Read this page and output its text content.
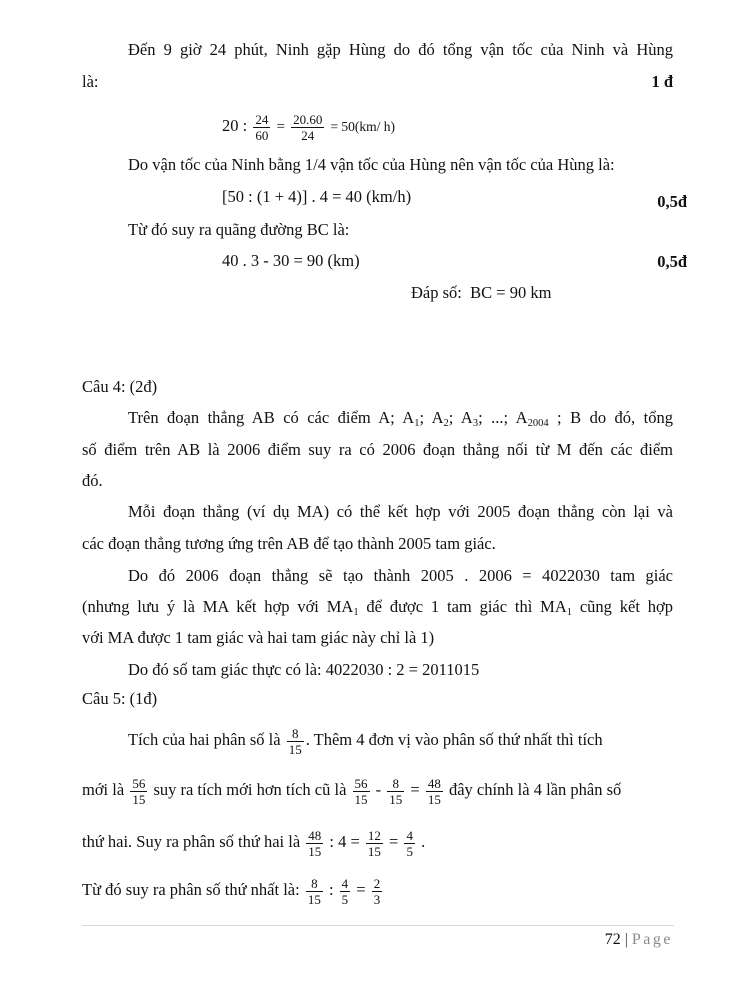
Đến 9 giờ 24 phút, Ninh gặp Hùng do đó tổng vận tốc của Ninh và Hùng
là:	1 đ
20 : $\frac{24}{60} = \frac{20.60}{24} = 50(km/$ h)
Do vận tốc của Ninh bằng 1/4 vận tốc của Hùng nên vận tốc của Hùng là:
[50 : (1 + 4)] . 4 = 40 (km/h)	0,5đ
Từ đó suy ra quãng đường BC là:
40 . 3 - 30 = 90 (km)	0,5đ
Đáp số: BC = 90 km
Câu 4: (2đ)
Trên đoạn thẳng AB có các điểm A; $A_1$; $A_2$; $A_3$; ...; $A_{2004}$ ; B do đó, tổng
số điểm trên AB là 2006 điểm suy ra có 2006 đoạn thẳng nối từ M đến các điểm
đó.
Mỗi đoạn thẳng (ví dụ MA) có thể kết hợp với 2005 đoạn thẳng còn lại và
các đoạn thẳng tương ứng trên AB để tạo thành 2005 tam giác.
Do đó 2006 đoạn thẳng sẽ tạo thành 2005 . 2006 = 4022030 tam giác
(nhưng lưu ý là MA kết hợp với $MA_1$ để được 1 tam giác thì $MA_1$ cũng kết hợp
với MA được 1 tam giác và hai tam giác này chỉ là 1)
Do đó số tam giác thực có là: 4022030 : 2 = 2011015
Câu 5: (1đ)
Tích của hai phân số là $\frac{8}{15}$ . Thêm 4 đơn vị vào phân số thứ nhất thì tích
mới là $\frac{56}{15}$ suy ra tích mới hơn tích cũ là $\frac{56}{15} - \frac{8}{15} = \frac{48}{15}$ đây chính là 4 lần phân số
thứ hai. Suy ra phân số thứ hai là $\frac{48}{15}$ : $4 = \frac{12}{15} = \frac{4}{5}$ .
Từ đó suy ra phân số thứ nhất là: $\frac{8}{15}$ : $\frac{4}{5} = \frac{2}{3}$
72 | Page
